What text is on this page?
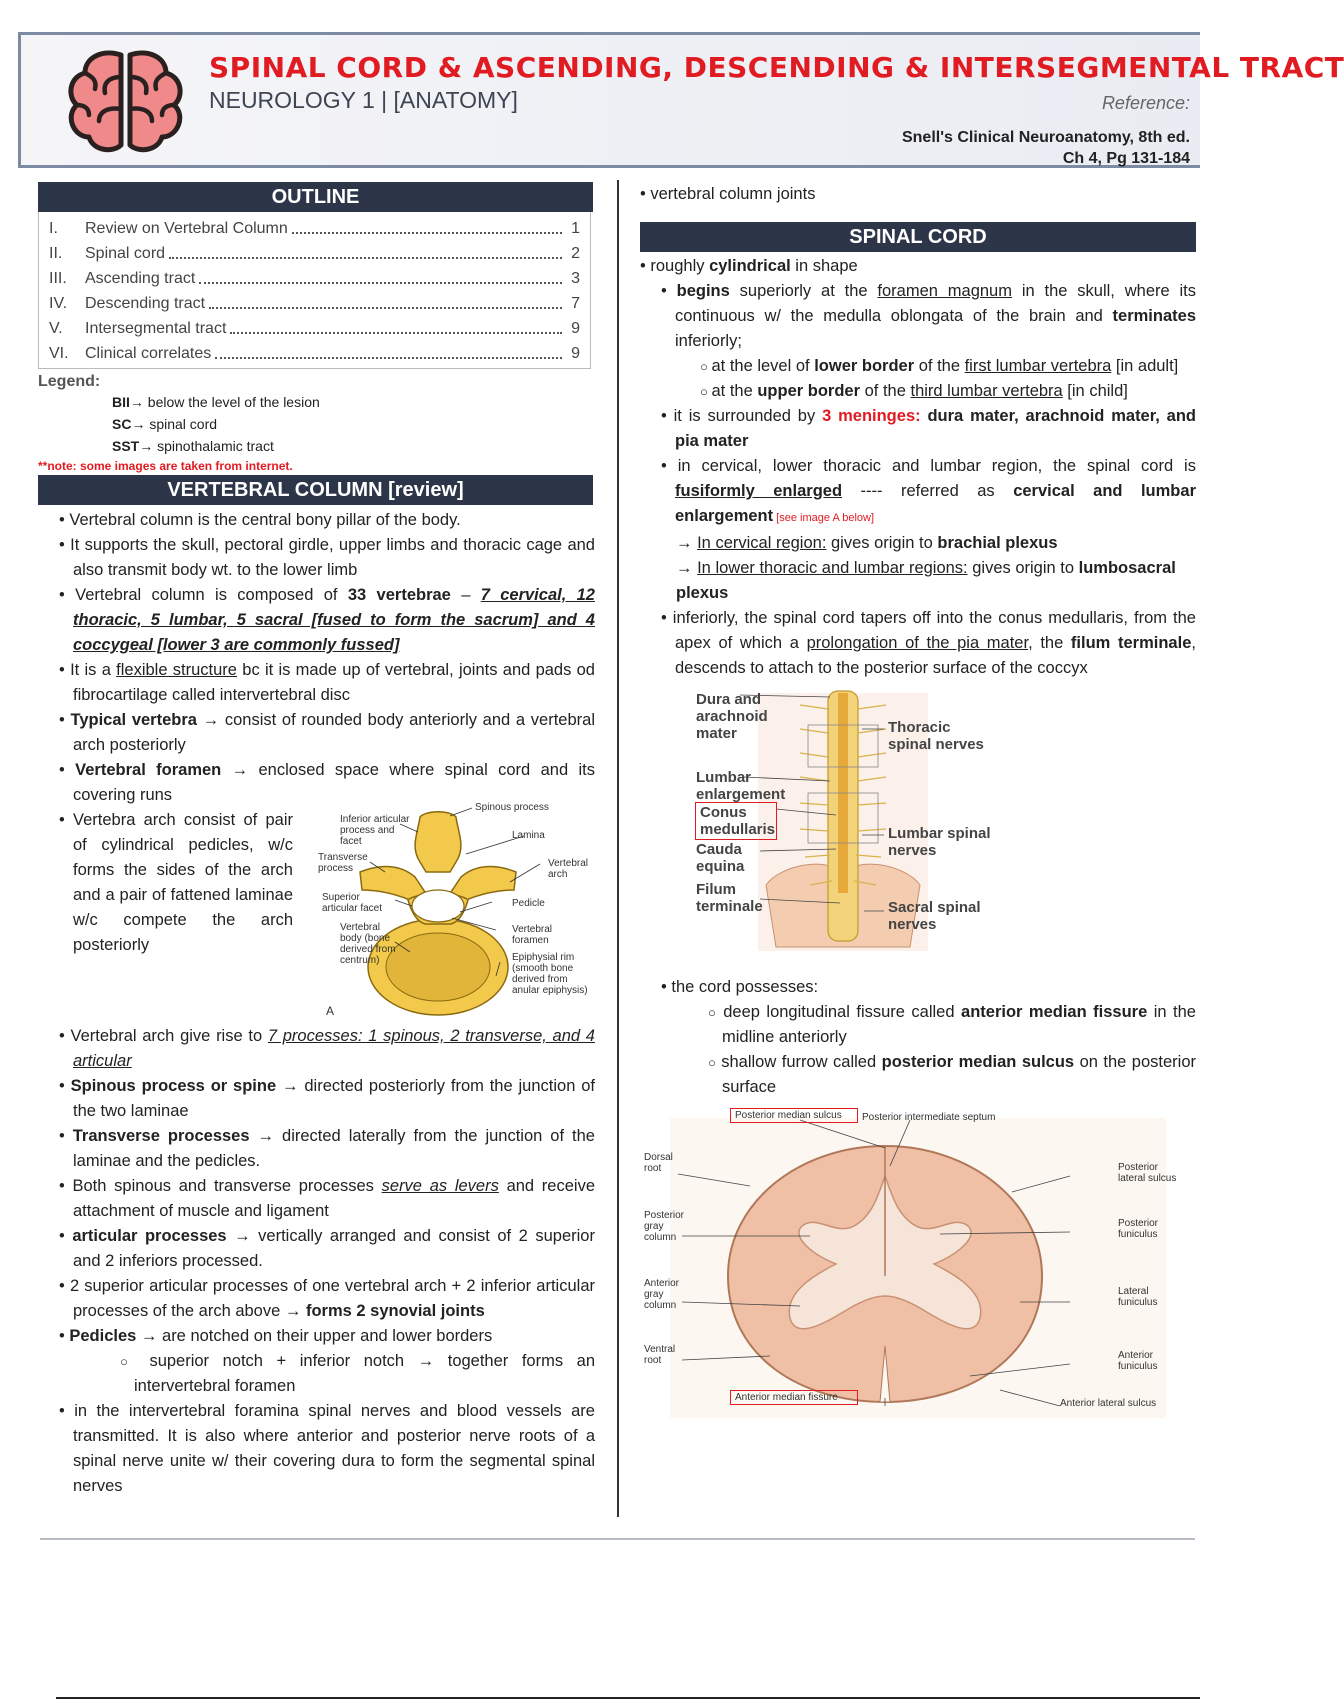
SPINAL CORD & ASCENDING, DESCENDING & INTERSEGMENTAL TRACT
NEUROLOGY 1 | [ANATOMY]	Reference:
Snell's Clinical Neuroanatomy, 8th ed.
Ch 4, Pg 131-184
OUTLINE
I.	Review on Vertebral Column	1
II.	Spinal cord	2
III.	Ascending tract	3
IV.	Descending tract	7
V.	Intersegmental tract	9
VI.	Clinical correlates	9
Legend:
BII→ below the level of the lesion
SC→ spinal cord
SST→ spinothalamic tract
**note: some images are taken from internet.
VERTEBRAL COLUMN [review]

• Vertebral column is the central bony pillar of the body.

• It supports the skull, pectoral girdle, upper limbs and thoracic cage and also transmit body wt. to the lower limb

• Vertebral column is composed of 33 vertebrae – 7 cervical, 12 thoracic, 5 lumbar, 5 sacral [fused to form the sacrum] and 4 coccygeal [lower 3 are commonly fussed]

• It is a flexible structure bc it is made up of vertebral, joints and pads od fibrocartilage called intervertebral disc

• Typical vertebra → consist of rounded body anteriorly and a vertebral arch posteriorly

• Vertebral foramen → enclosed space where spinal cord and its covering runs

• Vertebra arch consist of pair of cylindrical pedicles, w/c forms the sides of the arch and a pair of fattened laminae w/c compete the arch posteriorly

Inferior articular process and facet
Spinous process
Lamina
Transverse process	Vertebral arch
Superior articular facet	Pedicle
Vertebral body (bone derived from centrum)
Vertebral foramen
Epiphysial rim (smooth bone derived from anular epiphysis)
A

• Vertebral arch give rise to 7 processes: 1 spinous, 2 transverse, and 4 articular

• Spinous process or spine → directed posteriorly from the junction of the two laminae

• Transverse processes → directed laterally from the junction of the laminae and the pedicles.

• Both spinous and transverse processes serve as levers and receive attachment of muscle and ligament

• articular processes → vertically arranged and consist of 2 superior and 2 inferiors processed.

• 2 superior articular processes of one vertebral arch + 2 inferior articular processes of the arch above → forms 2 synovial joints

• Pedicles → are notched on their upper and lower borders

○ superior notch + inferior notch → together forms an intervertebral foramen

• in the intervertebral foramina spinal nerves and blood vessels are transmitted. It is also where anterior and posterior nerve roots of a spinal nerve unite w/ their covering dura to form the segmental spinal nerves

• vertebral column joints

SPINAL CORD

• roughly cylindrical in shape

• begins superiorly at the foramen magnum in the skull, where its continuous w/ the medulla oblongata of the brain and terminates inferiorly;

○ at the level of lower border of the first lumbar vertebra [in adult]

○ at the upper border of the third lumbar vertebra [in child]

• it is surrounded by 3 meninges: dura mater, arachnoid mater, and pia mater

• in cervical, lower thoracic and lumbar region, the spinal cord is fusiformly enlarged ---- referred as cervical and lumbar enlargement [see image A below]

→ In cervical region: gives origin to brachial plexus

→ In lower thoracic and lumbar regions: gives origin to lumbosacral plexus

• inferiorly, the spinal cord tapers off into the conus medullaris, from the apex of which a prolongation of the pia mater, the filum terminale, descends to attach to the posterior surface of the coccyx

Dura and arachnoid mater
Lumbar enlargement
Conus medullaris
Cauda equina
Filum terminale
Thoracic spinal nerves
Lumbar spinal nerves
Sacral spinal nerves

• the cord possesses:

○ deep longitudinal fissure called anterior median fissure in the midline anteriorly

○ shallow furrow called posterior median sulcus on the posterior surface

Posterior median sulcus	Posterior intermediate septum
Dorsal root	Posterior lateral sulcus
Posterior gray column
Posterior funiculus
Anterior gray column
Lateral funiculus
Ventral root	Anterior funiculus
Anterior median fissure
Anterior lateral sulcus
